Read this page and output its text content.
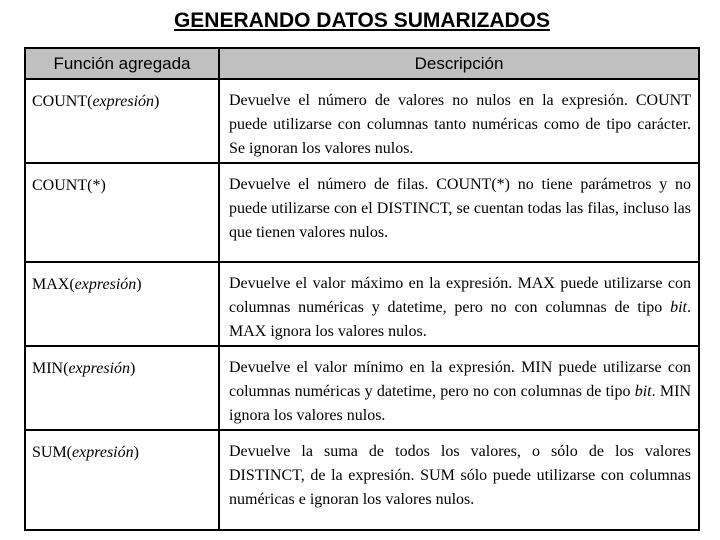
GENERANDO DATOS SUMARIZADOS
Función agregada	Descripción
COUNT(expresión)	Devuelve el número de valores no nulos en la expresión. COUNT puede utilizarse con columnas tanto numéricas como de tipo carácter. Se ignoran los valores nulos.
COUNT(*)	Devuelve el número de filas. COUNT(*) no tiene parámetros y no puede utilizarse con el DISTINCT, se cuentan todas las filas, incluso las que tienen valores nulos.
MAX(expresión)	Devuelve el valor máximo en la expresión. MAX puede utilizarse con columnas numéricas y datetime, pero no con columnas de tipo bit. MAX ignora los valores nulos.
MIN(expresión)	Devuelve el valor mínimo en la expresión. MIN puede utilizarse con columnas numéricas y datetime, pero no con columnas de tipo bit. MIN ignora los valores nulos.
SUM(expresión)	Devuelve la suma de todos los valores, o sólo de los valores DISTINCT, de la expresión. SUM sólo puede utilizarse con columnas numéricas e ignoran los valores nulos.
